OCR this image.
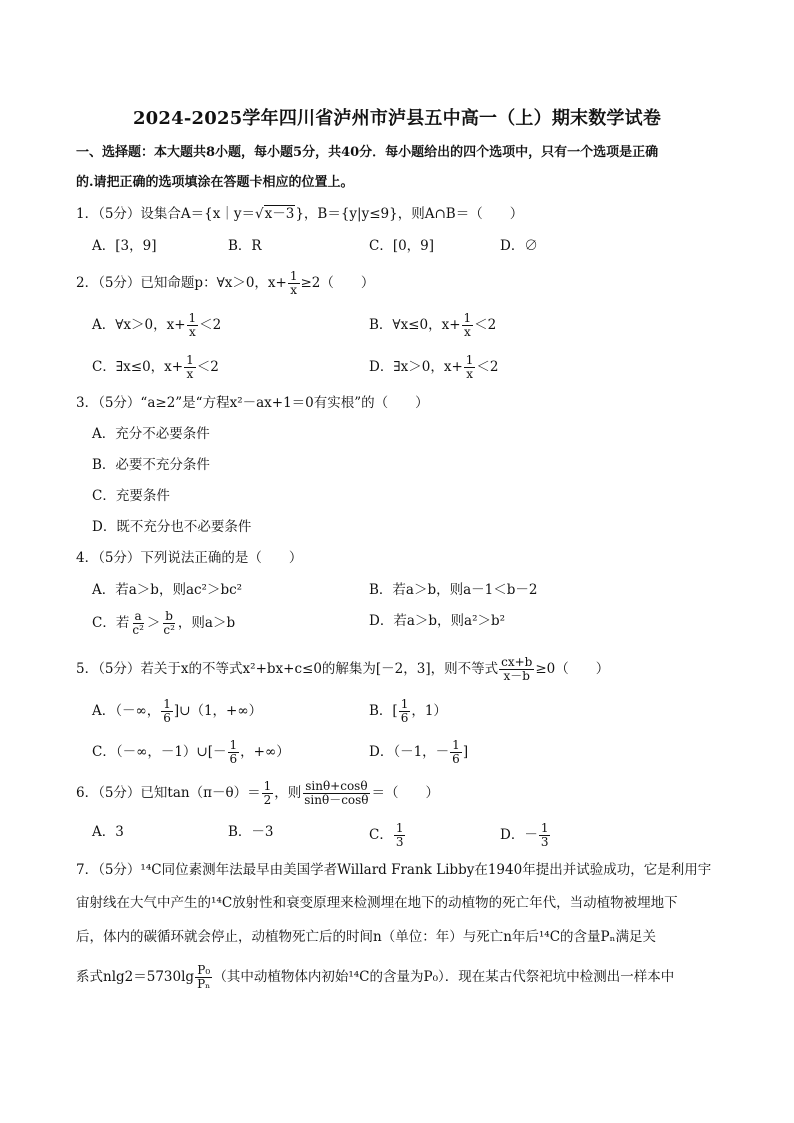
2024-2025学年四川省泸州市泸县五中高一（上）期末数学试卷
一、选择题：本大题共8小题，每小题5分，共40分．每小题给出的四个选项中，只有一个选项是正确
的.请把正确的选项填涂在答题卡相应的位置上。
1．（5分）设集合A＝{x｜y＝√x－3}，B＝{y|y≤9}，则A∩B＝（　　）
A．[3，9]	B．R	C．[0，9]	D．∅
2．（5分）已知命题p：∀x＞0，$x+ \frac{1}{x} \ge 2$（　　）
A．∀x＞0，$x+ \frac{1}{x} <2$	B．∀x≤0，$x+ \frac{1}{x} <2$
C．∃x≤0，$x+ \frac{1}{x} <2$	D．∃x＞0，$x+ \frac{1}{x} <2$
3．（5分）“a≥2”是“方程x²－ax+1＝0有实根”的（　　）
A．充分不必要条件
B．必要不充分条件
C．充要条件
D．既不充分也不必要条件
4．（5分）下列说法正确的是（　　）
A．若a＞b，则ac²＞bc²	B．若a＞b，则a－1＜b－2
C．若 $\frac{a}{\text{c²}} > \frac{b}{\text{c²}}$ ，则a＞b	D．若a＞b，则a²＞b²
5．（5分）若关于x的不等式x²+bx+c≤0的解集为[－2，3]，则不等式 $\frac{cx+b}{x-b} \ge 0$（　　）
A．（－∞， $\frac{1}{6}$ ]∪（1，+∞）	B．[ $\frac{1}{6}$ ，1）
C．（－∞，－1）∪[－ $\frac{1}{6}$ ，+∞）	D．（－1，－ $\frac{1}{6}$ ]
6．（5分）已知$\tan(\pi-\theta)= \frac{1}{2}$ ，则 $\frac{\sin\theta+\cos\theta}{\sin\theta-\cos\theta}$ ＝（　　）
A．3	B．－3	C． $\frac{1}{3}$	D．－ $\frac{1}{3}$
7．（5分）¹⁴C同位素测年法最早由美国学者Willard Frank Libby在1940年提出并试验成功，它是利用宇
宙射线在大气中产生的¹⁴C放射性和衰变原理来检测埋在地下的动植物的死亡年代，当动植物被埋地下
后，体内的碳循环就会停止，动植物死亡后的时间n（单位：年）与死亡n年后¹⁴C的含量Pₙ满足关
系式$nlg2=5730\lg \frac{\text{P₀}}{\text{Pₙ}}$ （其中动植物体内初始¹⁴C的含量为P₀）．现在某古代祭祀坑中检测出一样本中
